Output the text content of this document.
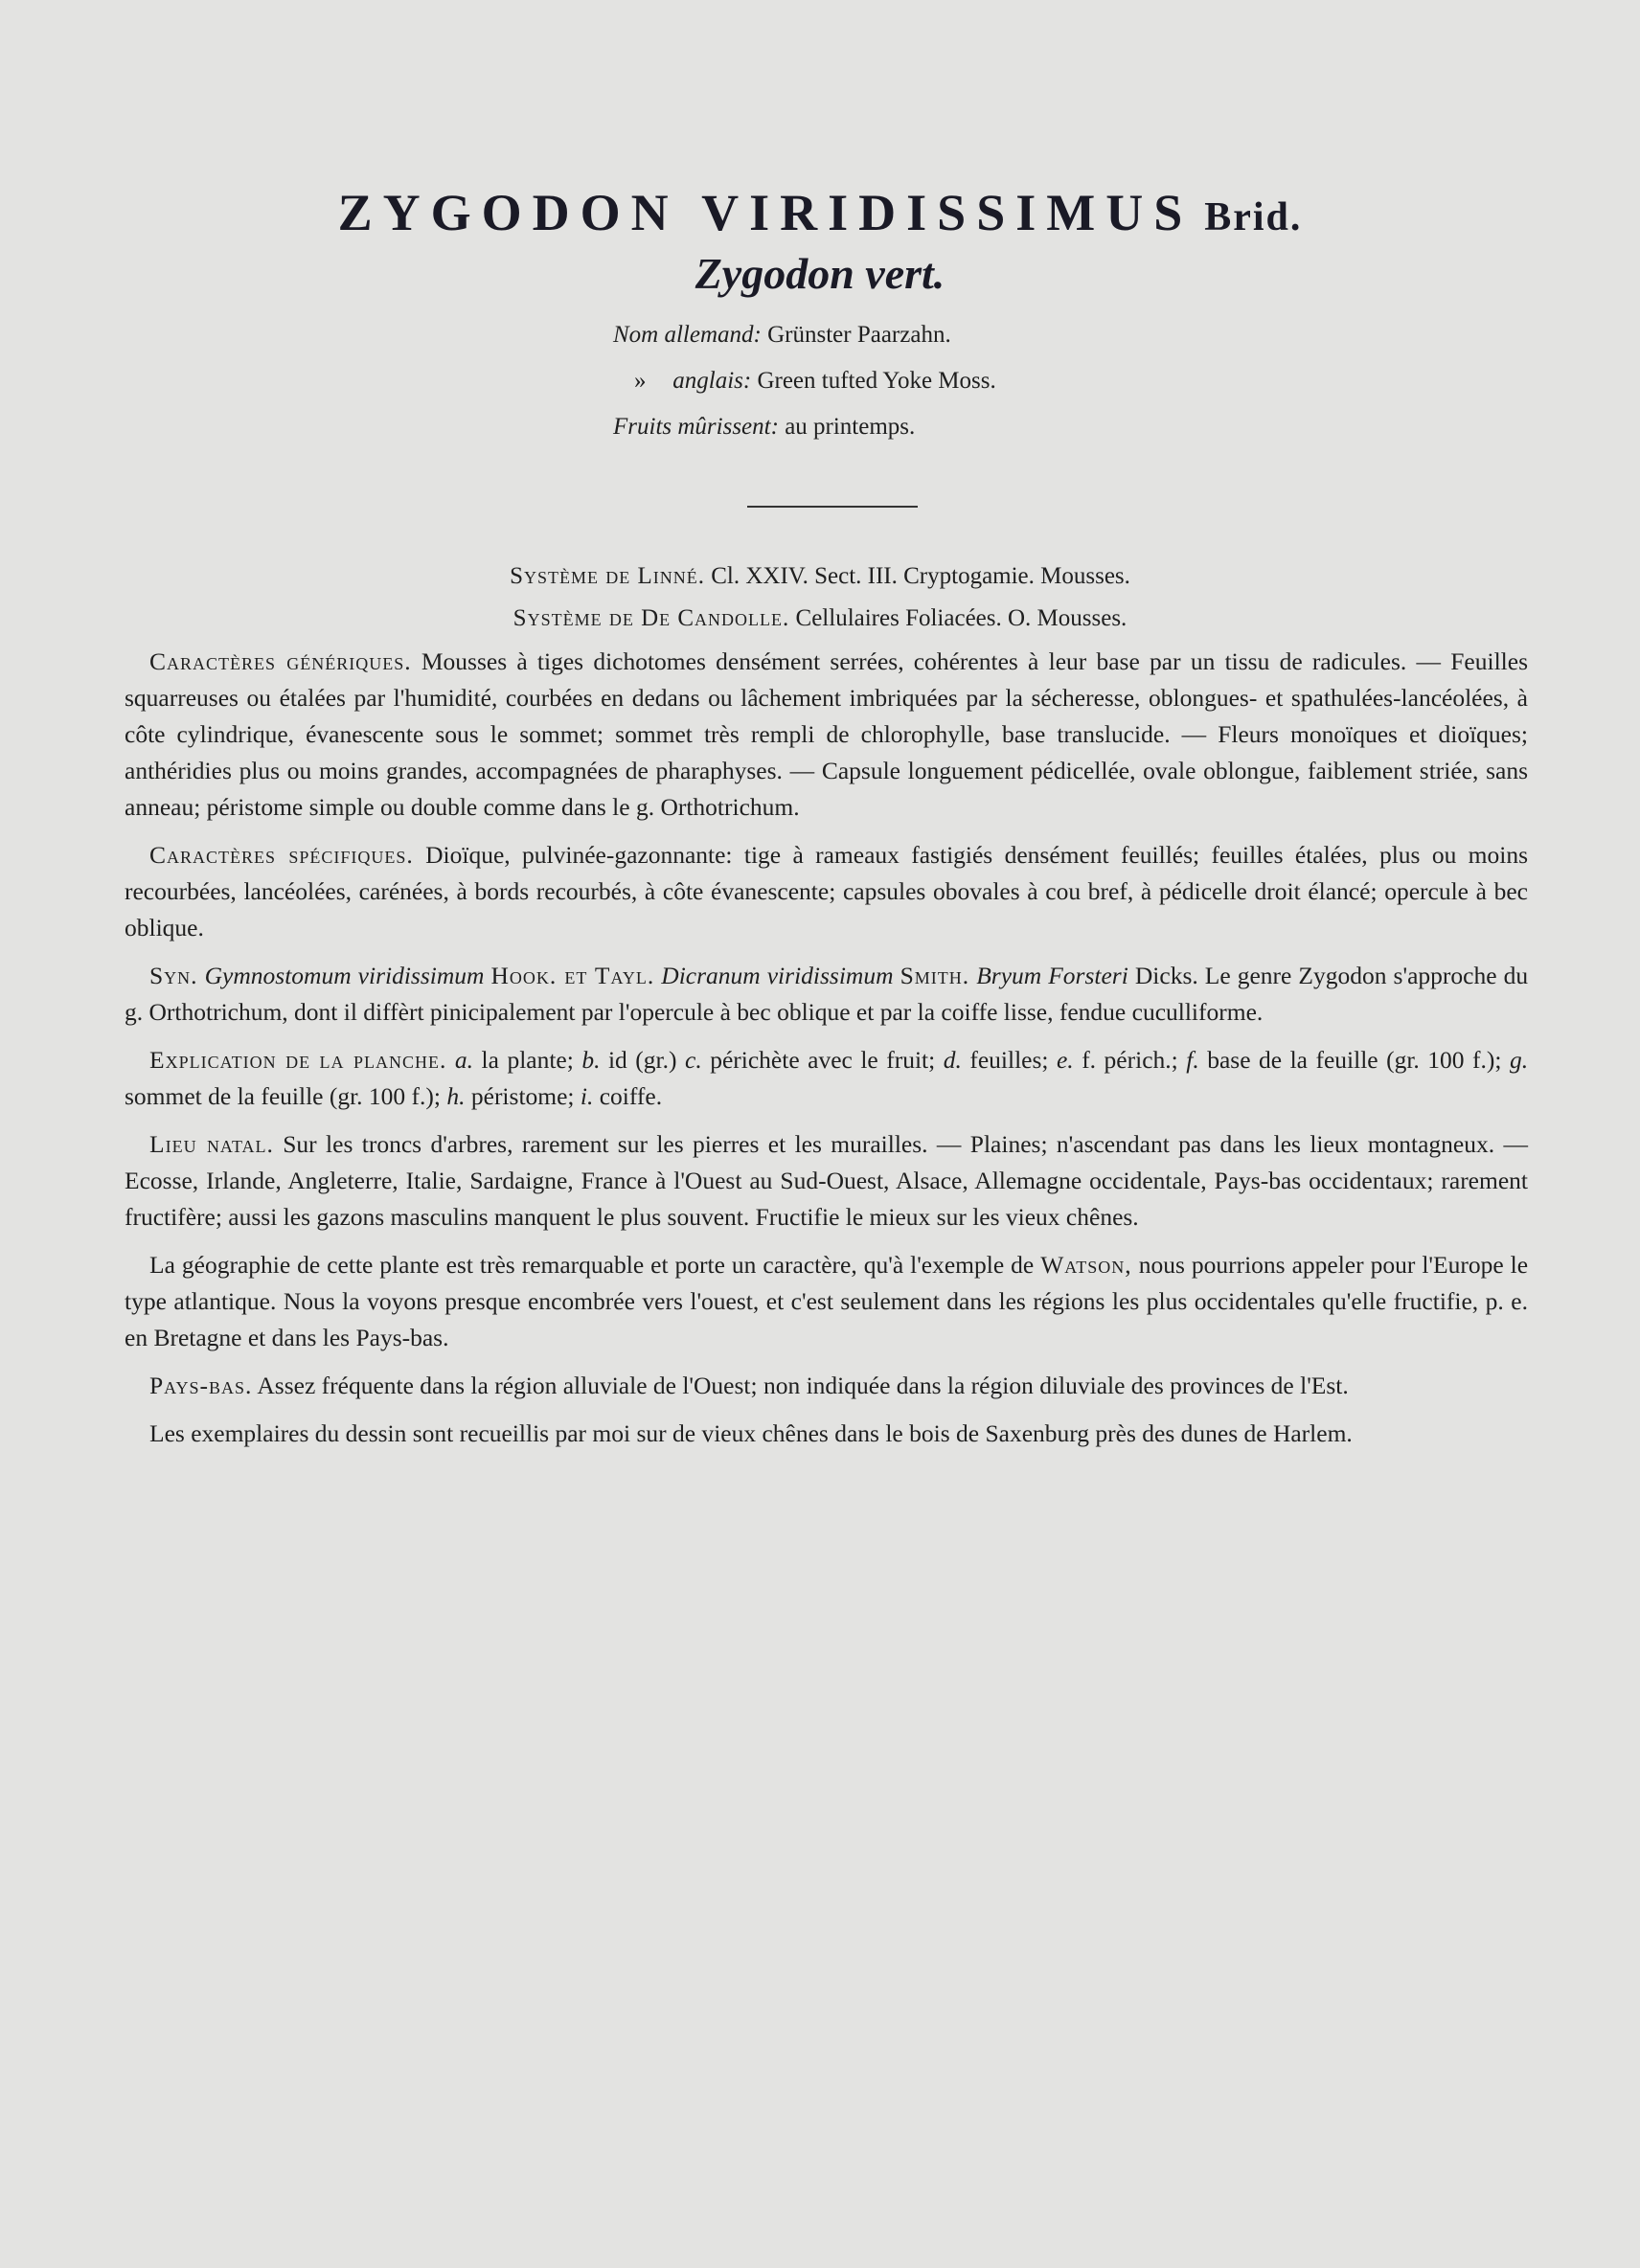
ZYGODON VIRIDISSIMUS Brid.
Zygodon vert.
Nom allemand: Grünster Paarzahn.
» anglais: Green tufted Yoke Moss.
Fruits mûrissent: au printemps.
Système de Linné. Cl. XXIV. Sect. III. Cryptogamie. Mousses.
Système de De Candolle. Cellulaires Foliacées. O. Mousses.

Caractères génériques. Mousses à tiges dichotomes densément serrées, cohérentes à leur base par un tissu de radicules. — Feuilles squarreuses ou étalées par l'humidité, courbées en dedans ou lâchement imbriquées par la sécheresse, oblongues- et spathulées-lancéolées, à côte cylindrique, évanescente sous le sommet; sommet très rempli de chlorophylle, base translucide. — Fleurs monoïques et dioïques; anthéridies plus ou moins grandes, accompagnées de pharaphyses. — Capsule longuement pédicellée, ovale oblongue, faiblement striée, sans anneau; péristome simple ou double comme dans le g. Orthotrichum.

Caractères spécifiques. Dioïque, pulvinée-gazonnante: tige à rameaux fastigiés densément feuillés; feuilles étalées, plus ou moins recourbées, lancéolées, carénées, à bords recourbés, à côte évanescente; capsules obovales à cou bref, à pédicelle droit élancé; opercule à bec oblique.

Syn. Gymnostomum viridissimum Hook. et Tayl. Dicranum viridissimum Smith. Bryum Forsteri Dicks. Le genre Zygodon s'approche du g. Orthotrichum, dont il diffèrt pinicipalement par l'opercule à bec oblique et par la coiffe lisse, fendue cuculliforme.

Explication de la planche. a. la plante; b. id (gr.) c. périchète avec le fruit; d. feuilles; e. f. périch.; f. base de la feuille (gr. 100 f.); g. sommet de la feuille (gr. 100 f.); h. péristome; i. coiffe.

Lieu natal. Sur les troncs d'arbres, rarement sur les pierres et les murailles. — Plaines; n'ascendant pas dans les lieux montagneux. — Ecosse, Irlande, Angleterre, Italie, Sardaigne, France à l'Ouest au Sud-Ouest, Alsace, Allemagne occidentale, Pays-bas occidentaux; rarement fructifère; aussi les gazons masculins manquent le plus souvent. Fructifie le mieux sur les vieux chênes.

La géographie de cette plante est très remarquable et porte un caractère, qu'à l'exemple de Watson, nous pourrions appeler pour l'Europe le type atlantique. Nous la voyons presque encombrée vers l'ouest, et c'est seulement dans les régions les plus occidentales qu'elle fructifie, p. e. en Bretagne et dans les Pays-bas.

Pays-bas. Assez fréquente dans la région alluviale de l'Ouest; non indiquée dans la région diluviale des provinces de l'Est.

Les exemplaires du dessin sont recueillis par moi sur de vieux chênes dans le bois de Saxenburg près des dunes de Harlem.
